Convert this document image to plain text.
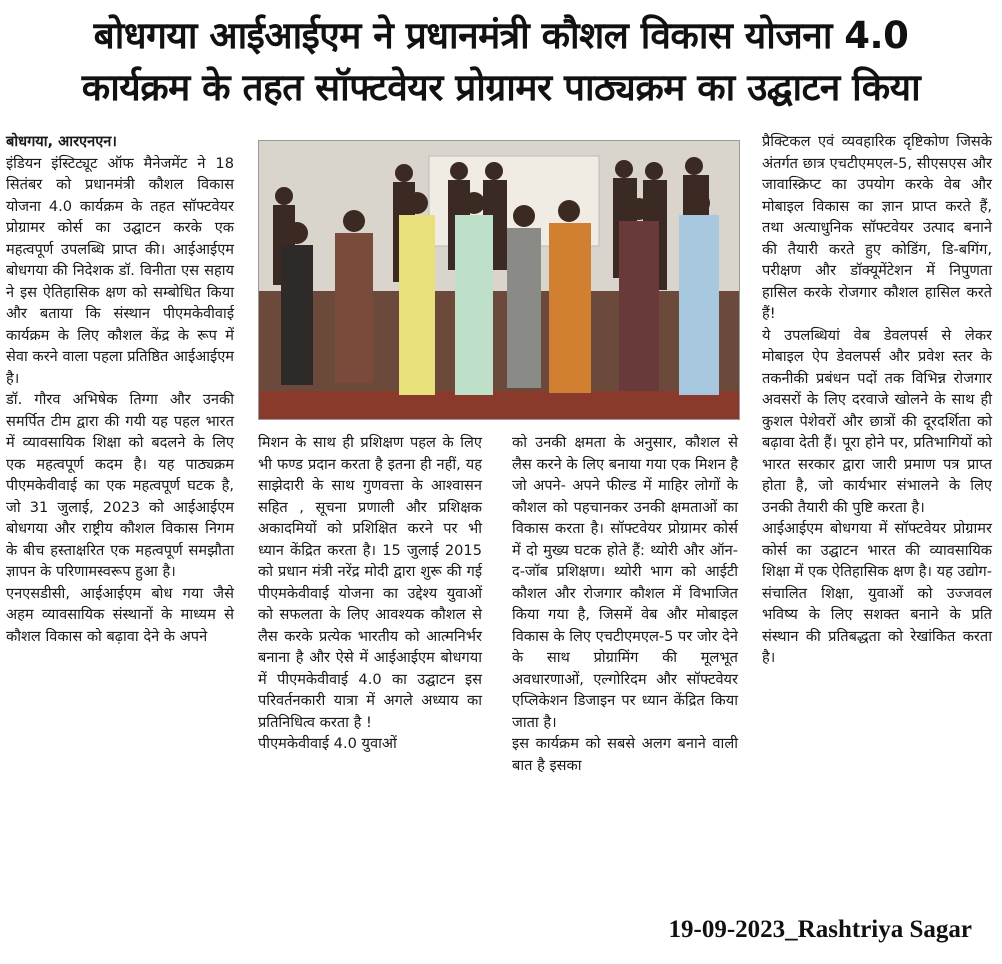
बोधगया आईआईएम ने प्रधानमंत्री कौशल विकास योजना 4.0
कार्यक्रम के तहत सॉफ्टवेयर प्रोग्रामर पाठ्यक्रम का उद्घाटन किया

बोधगया, आरएनएन।

इंडियन इंस्टिट्यूट ऑफ मैनेजमेंट ने 18 सितंबर को प्रधानमंत्री कौशल विकास योजना 4.0 कार्यक्रम के तहत सॉफ्टवेयर प्रोग्रामर कोर्स का उद्घाटन करके एक महत्वपूर्ण उपलब्धि प्राप्त की। आईआईएम बोधगया की निदेशक डॉ. विनीता एस सहाय ने इस ऐतिहासिक क्षण को सम्बोधित किया और बताया कि संस्थान पीएमकेवीवाई कार्यक्रम के लिए कौशल केंद्र के रूप में सेवा करने वाला पहला प्रतिष्ठित आईआईएम है।

डॉ. गौरव अभिषेक तिग्गा और उनकी समर्पित टीम द्वारा की गयी यह पहल भारत में व्यावसायिक शिक्षा को बदलने के लिए एक महत्वपूर्ण कदम है। यह पाठ्यक्रम पीएमकेवीवाई का एक महत्वपूर्ण घटक है, जो 31 जुलाई, 2023 को आईआईएम बोधगया और राष्ट्रीय कौशल विकास निगम के बीच हस्ताक्षरित एक महत्वपूर्ण समझौता ज्ञापन के परिणामस्वरूप हुआ है।

एनएसडीसी, आईआईएम बोध गया जैसे अहम व्यावसायिक संस्थानों के माध्यम से कौशल विकास को बढ़ावा देने के अपने

मिशन के साथ ही प्रशिक्षण पहल के लिए भी फण्ड प्रदान करता है इतना ही नहीं, यह साझेदारी के साथ गुणवत्ता के आश्वासन सहित , सूचना प्रणाली और प्रशिक्षक अकादमियों को प्रशिक्षित करने पर भी ध्यान केंद्रित करता है। 15 जुलाई 2015 को प्रधान मंत्री नरेंद्र मोदी द्वारा शुरू की गई पीएमकेवीवाई योजना का उद्देश्य युवाओं को सफलता के लिए आवश्यक कौशल से लैस करके प्रत्येक भारतीय को आत्मनिर्भर बनाना है और ऐसे में आईआईएम बोधगया में पीएमकेवीवाई 4.0 का उद्घाटन इस परिवर्तनकारी यात्रा में अगले अध्याय का प्रतिनिधित्व करता है !

पीएमकेवीवाई 4.0 युवाओं

को उनकी क्षमता के अनुसार, कौशल से लैस करने के लिए बनाया गया एक मिशन है जो अपने- अपने फील्ड में माहिर लोगों के कौशल को पहचानकर उनकी क्षमताओं का विकास करता है। सॉफ्टवेयर प्रोग्रामर कोर्स में दो मुख्य घटक होते हैं: थ्योरी और ऑन-द-जॉब प्रशिक्षण। थ्योरी भाग को आईटी कौशल और रोजगार कौशल में विभाजित किया गया है, जिसमें वेब और मोबाइल विकास के लिए एचटीएमएल-5 पर जोर देने के साथ प्रोग्रामिंग की मूलभूत अवधारणाओं, एल्गोरिदम और सॉफ्टवेयर एप्लिकेशन डिजाइन पर ध्यान केंद्रित किया जाता है।

इस कार्यक्रम को सबसे अलग बनाने वाली बात है इसका

प्रैक्टिकल एवं व्यवहारिक दृष्टिकोण जिसके अंतर्गत छात्र एचटीएमएल-5, सीएसएस और जावास्क्रिप्ट का उपयोग करके वेब और मोबाइल विकास का ज्ञान प्राप्त करते हैं, तथा अत्याधुनिक सॉफ्टवेयर उत्पाद बनाने की तैयारी करते हुए कोडिंग, डि-बगिंग, परीक्षण और डॉक्यूमेंटेशन में निपुणता हासिल करके रोजगार कौशल हासिल करते हैं!

ये उपलब्धियां वेब डेवलपर्स से लेकर मोबाइल ऐप डेवलपर्स और प्रवेश स्तर के तकनीकी प्रबंधन पदों तक विभिन्न रोजगार अवसरों के लिए दरवाजे खोलने के साथ ही कुशल पेशेवरों और छात्रों की दूरदर्शिता को बढ़ावा देती हैं। पूरा होने पर, प्रतिभागियों को भारत सरकार द्वारा जारी प्रमाण पत्र प्राप्त होता है, जो कार्यभार संभालने के लिए उनकी तैयारी की पुष्टि करता है।

आईआईएम बोधगया में सॉफ्टवेयर प्रोग्रामर कोर्स का उद्घाटन भारत की व्यावसायिक शिक्षा में एक ऐतिहासिक क्षण है। यह उद्योग-संचालित शिक्षा, युवाओं को उज्जवल भविष्य के लिए सशक्त बनाने के प्रति संस्थान की प्रतिबद्धता को रेखांकित करता है।

19-09-2023_Rashtriya Sagar
